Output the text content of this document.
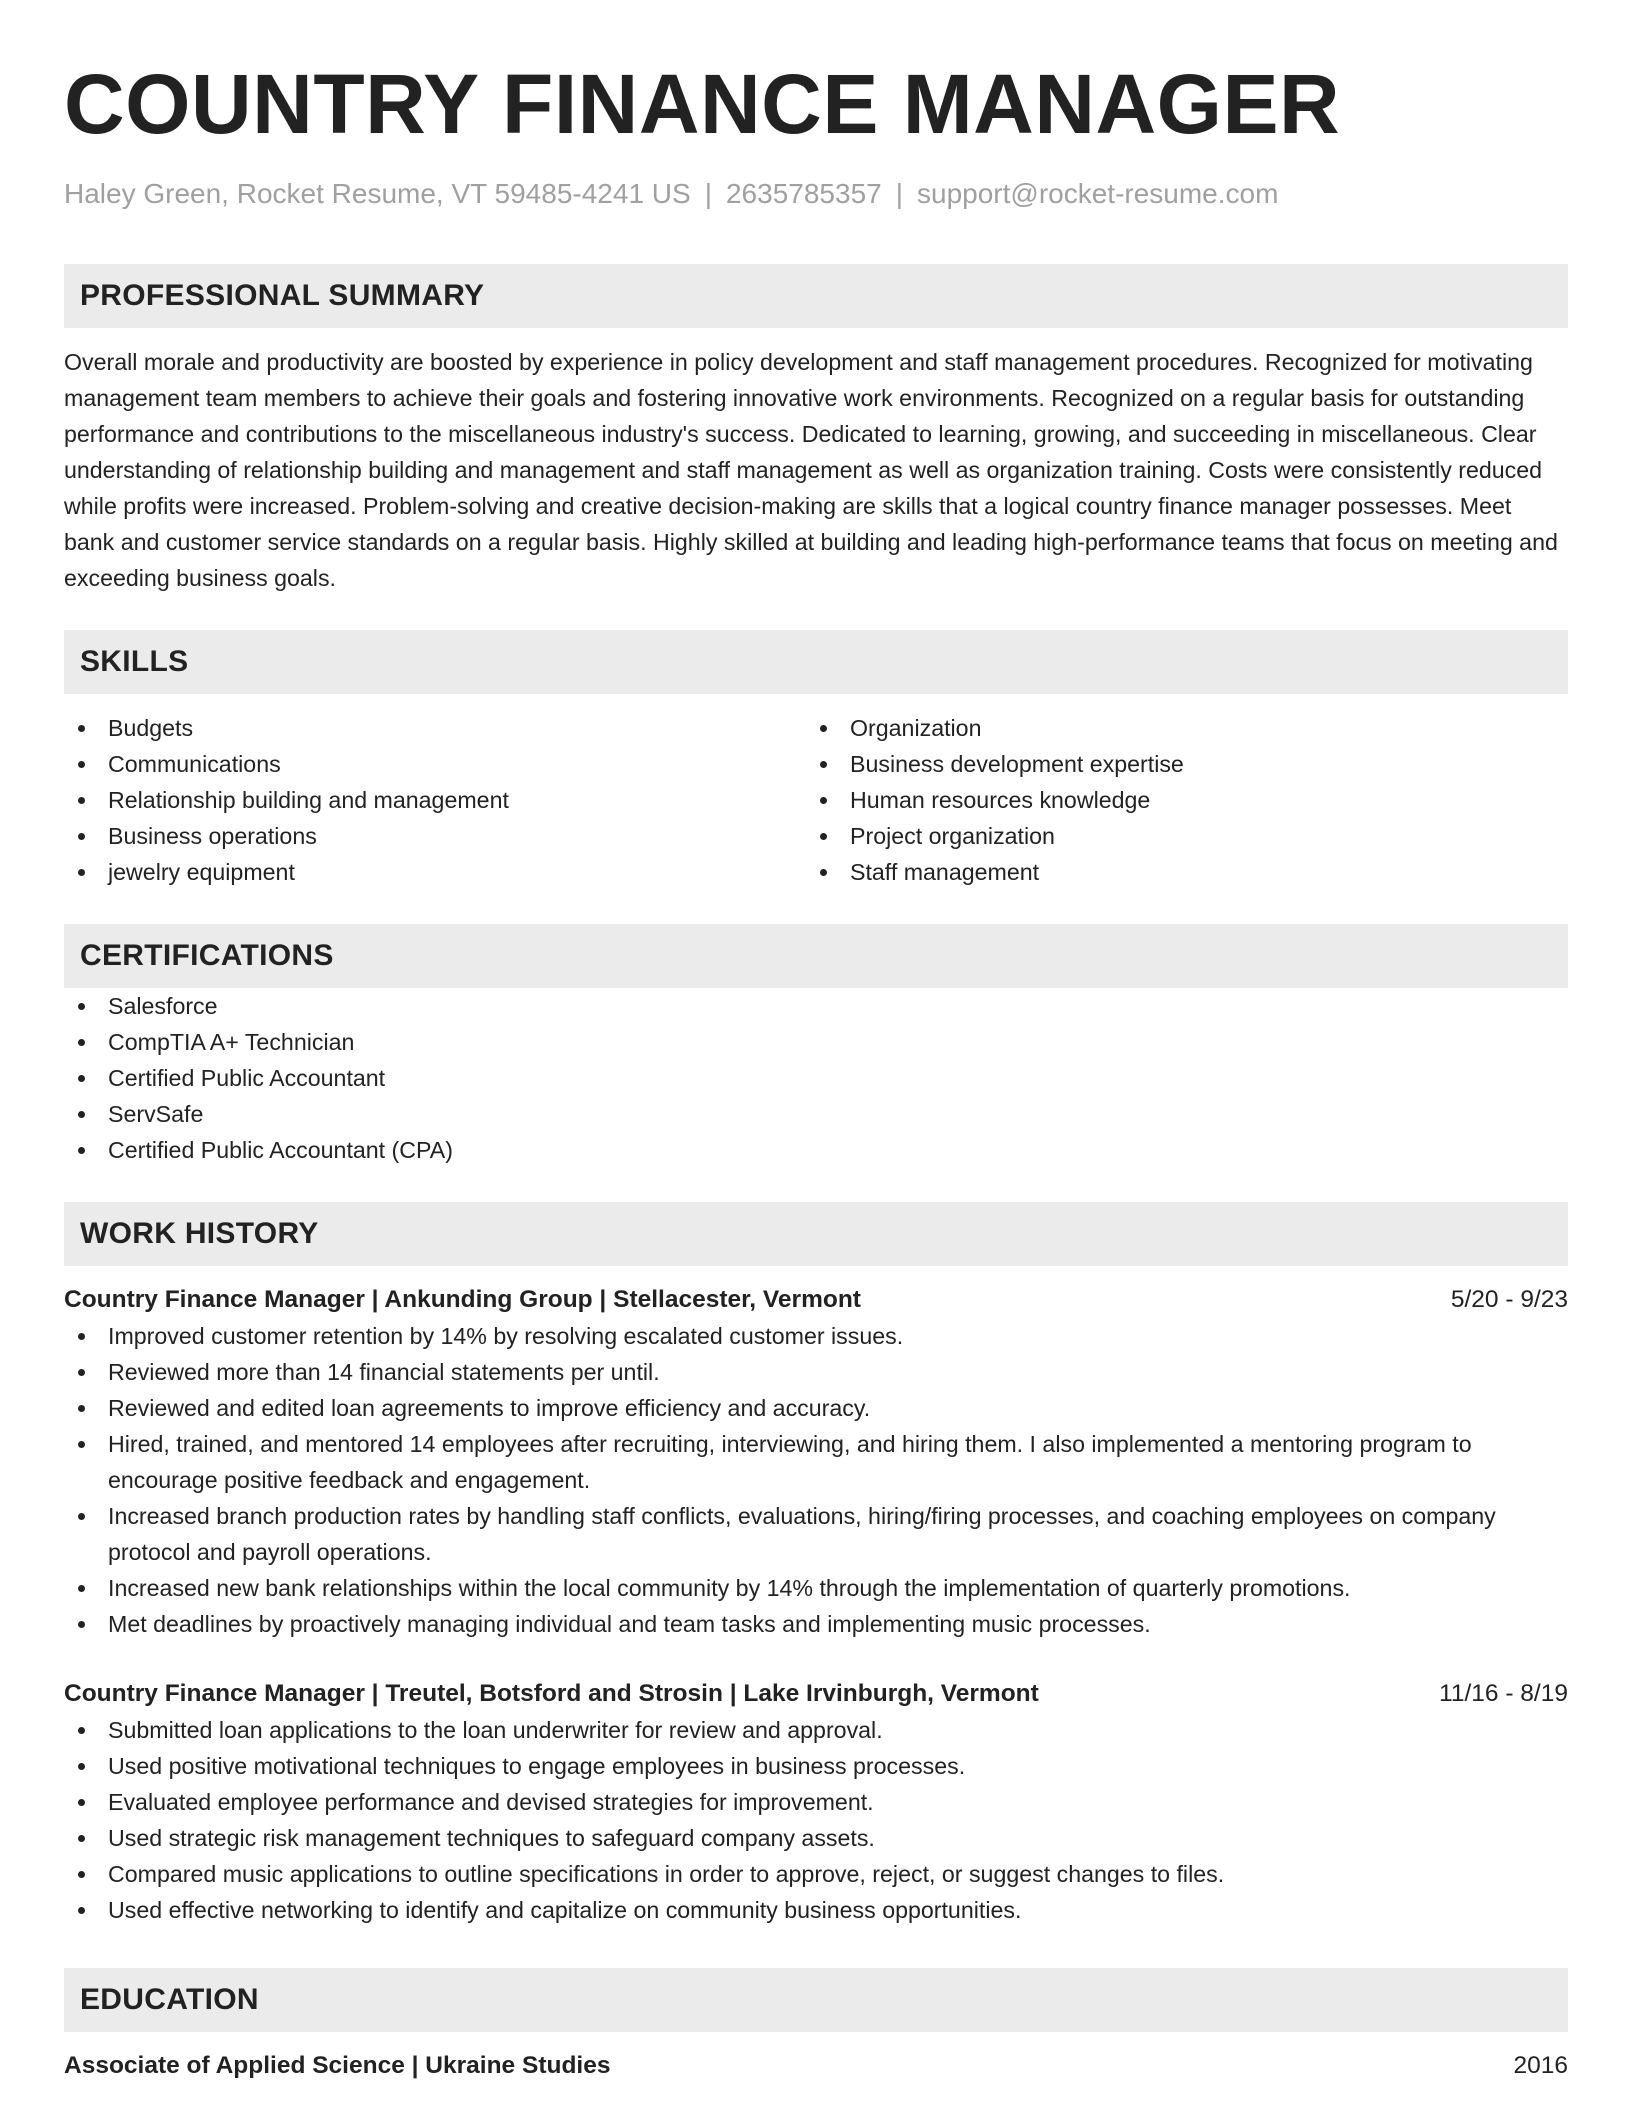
COUNTRY FINANCE MANAGER
Haley Green, Rocket Resume, VT 59485-4241 US | 2635785357 | support@rocket-resume.com
PROFESSIONAL SUMMARY
Overall morale and productivity are boosted by experience in policy development and staff management procedures. Recognized for motivating management team members to achieve their goals and fostering innovative work environments. Recognized on a regular basis for outstanding performance and contributions to the miscellaneous industry's success. Dedicated to learning, growing, and succeeding in miscellaneous. Clear understanding of relationship building and management and staff management as well as organization training. Costs were consistently reduced while profits were increased. Problem-solving and creative decision-making are skills that a logical country finance manager possesses. Meet bank and customer service standards on a regular basis. Highly skilled at building and leading high-performance teams that focus on meeting and exceeding business goals.
SKILLS
Budgets
Communications
Relationship building and management
Business operations
jewelry equipment
Organization
Business development expertise
Human resources knowledge
Project organization
Staff management
CERTIFICATIONS
Salesforce
CompTIA A+ Technician
Certified Public Accountant
ServSafe
Certified Public Accountant (CPA)
WORK HISTORY
Country Finance Manager | Ankunding Group | Stellacester, Vermont	5/20 - 9/23
Improved customer retention by 14% by resolving escalated customer issues.
Reviewed more than 14 financial statements per until.
Reviewed and edited loan agreements to improve efficiency and accuracy.
Hired, trained, and mentored 14 employees after recruiting, interviewing, and hiring them. I also implemented a mentoring program to encourage positive feedback and engagement.
Increased branch production rates by handling staff conflicts, evaluations, hiring/firing processes, and coaching employees on company protocol and payroll operations.
Increased new bank relationships within the local community by 14% through the implementation of quarterly promotions.
Met deadlines by proactively managing individual and team tasks and implementing music processes.
Country Finance Manager | Treutel, Botsford and Strosin | Lake Irvinburgh, Vermont	11/16 - 8/19
Submitted loan applications to the loan underwriter for review and approval.
Used positive motivational techniques to engage employees in business processes.
Evaluated employee performance and devised strategies for improvement.
Used strategic risk management techniques to safeguard company assets.
Compared music applications to outline specifications in order to approve, reject, or suggest changes to files.
Used effective networking to identify and capitalize on community business opportunities.
EDUCATION
Associate of Applied Science | Ukraine Studies	2016
